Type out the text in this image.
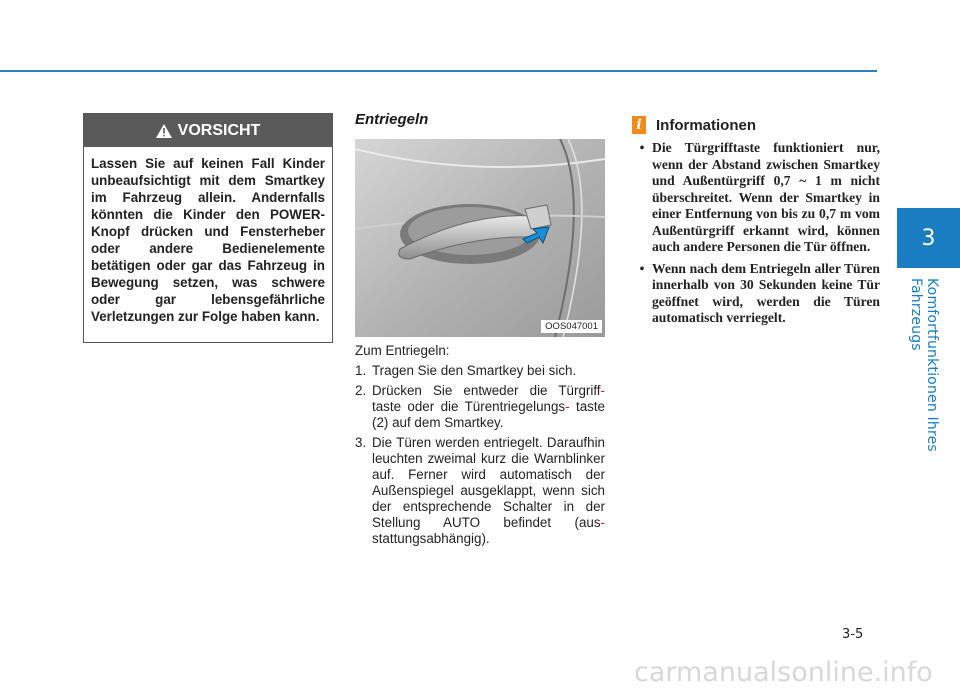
3
Komfortfunktionen Ihres Fahrzeugs
VORSICHT
Lassen Sie auf keinen Fall Kinder unbeaufsichtigt mit dem Smartkey im Fahrzeug allein. Andernfalls könnten die Kinder den POWER-Knopf drücken und Fensterheber oder andere Bedienelemente betätigen oder gar das Fahrzeug in Bewegung setzen, was schwere oder gar lebensgefährliche Verletzungen zur Folge haben kann.
Entriegeln
OOS047001

Zum Entriegeln:

1. Tragen Sie den Smartkey bei sich.
2. Drücken Sie entweder die Türgriff- taste oder die Türentriegelungs- taste (2) auf dem Smartkey.
3. Die Türen werden entriegelt. Daraufhin leuchten zweimal kurz die Warnblinker auf. Ferner wird automatisch der Außenspiegel ausgeklappt, wenn sich der entsprechende Schalter in der Stellung AUTO befindet (aus- stattungsabhängig).
i Informationen
• Die Türgrifftaste funktioniert nur, wenn der Abstand zwischen Smartkey und Außentürgriff 0,7 ~ 1 m nicht überschreitet. Wenn der Smartkey in einer Entfernung von bis zu 0,7 m vom Außentürgriff erkannt wird, können auch andere Personen die Tür öffnen.
• Wenn nach dem Entriegeln aller Türen innerhalb von 30 Sekunden keine Tür geöffnet wird, werden die Türen automatisch verriegelt.
3-5
carmanualsonline.info
